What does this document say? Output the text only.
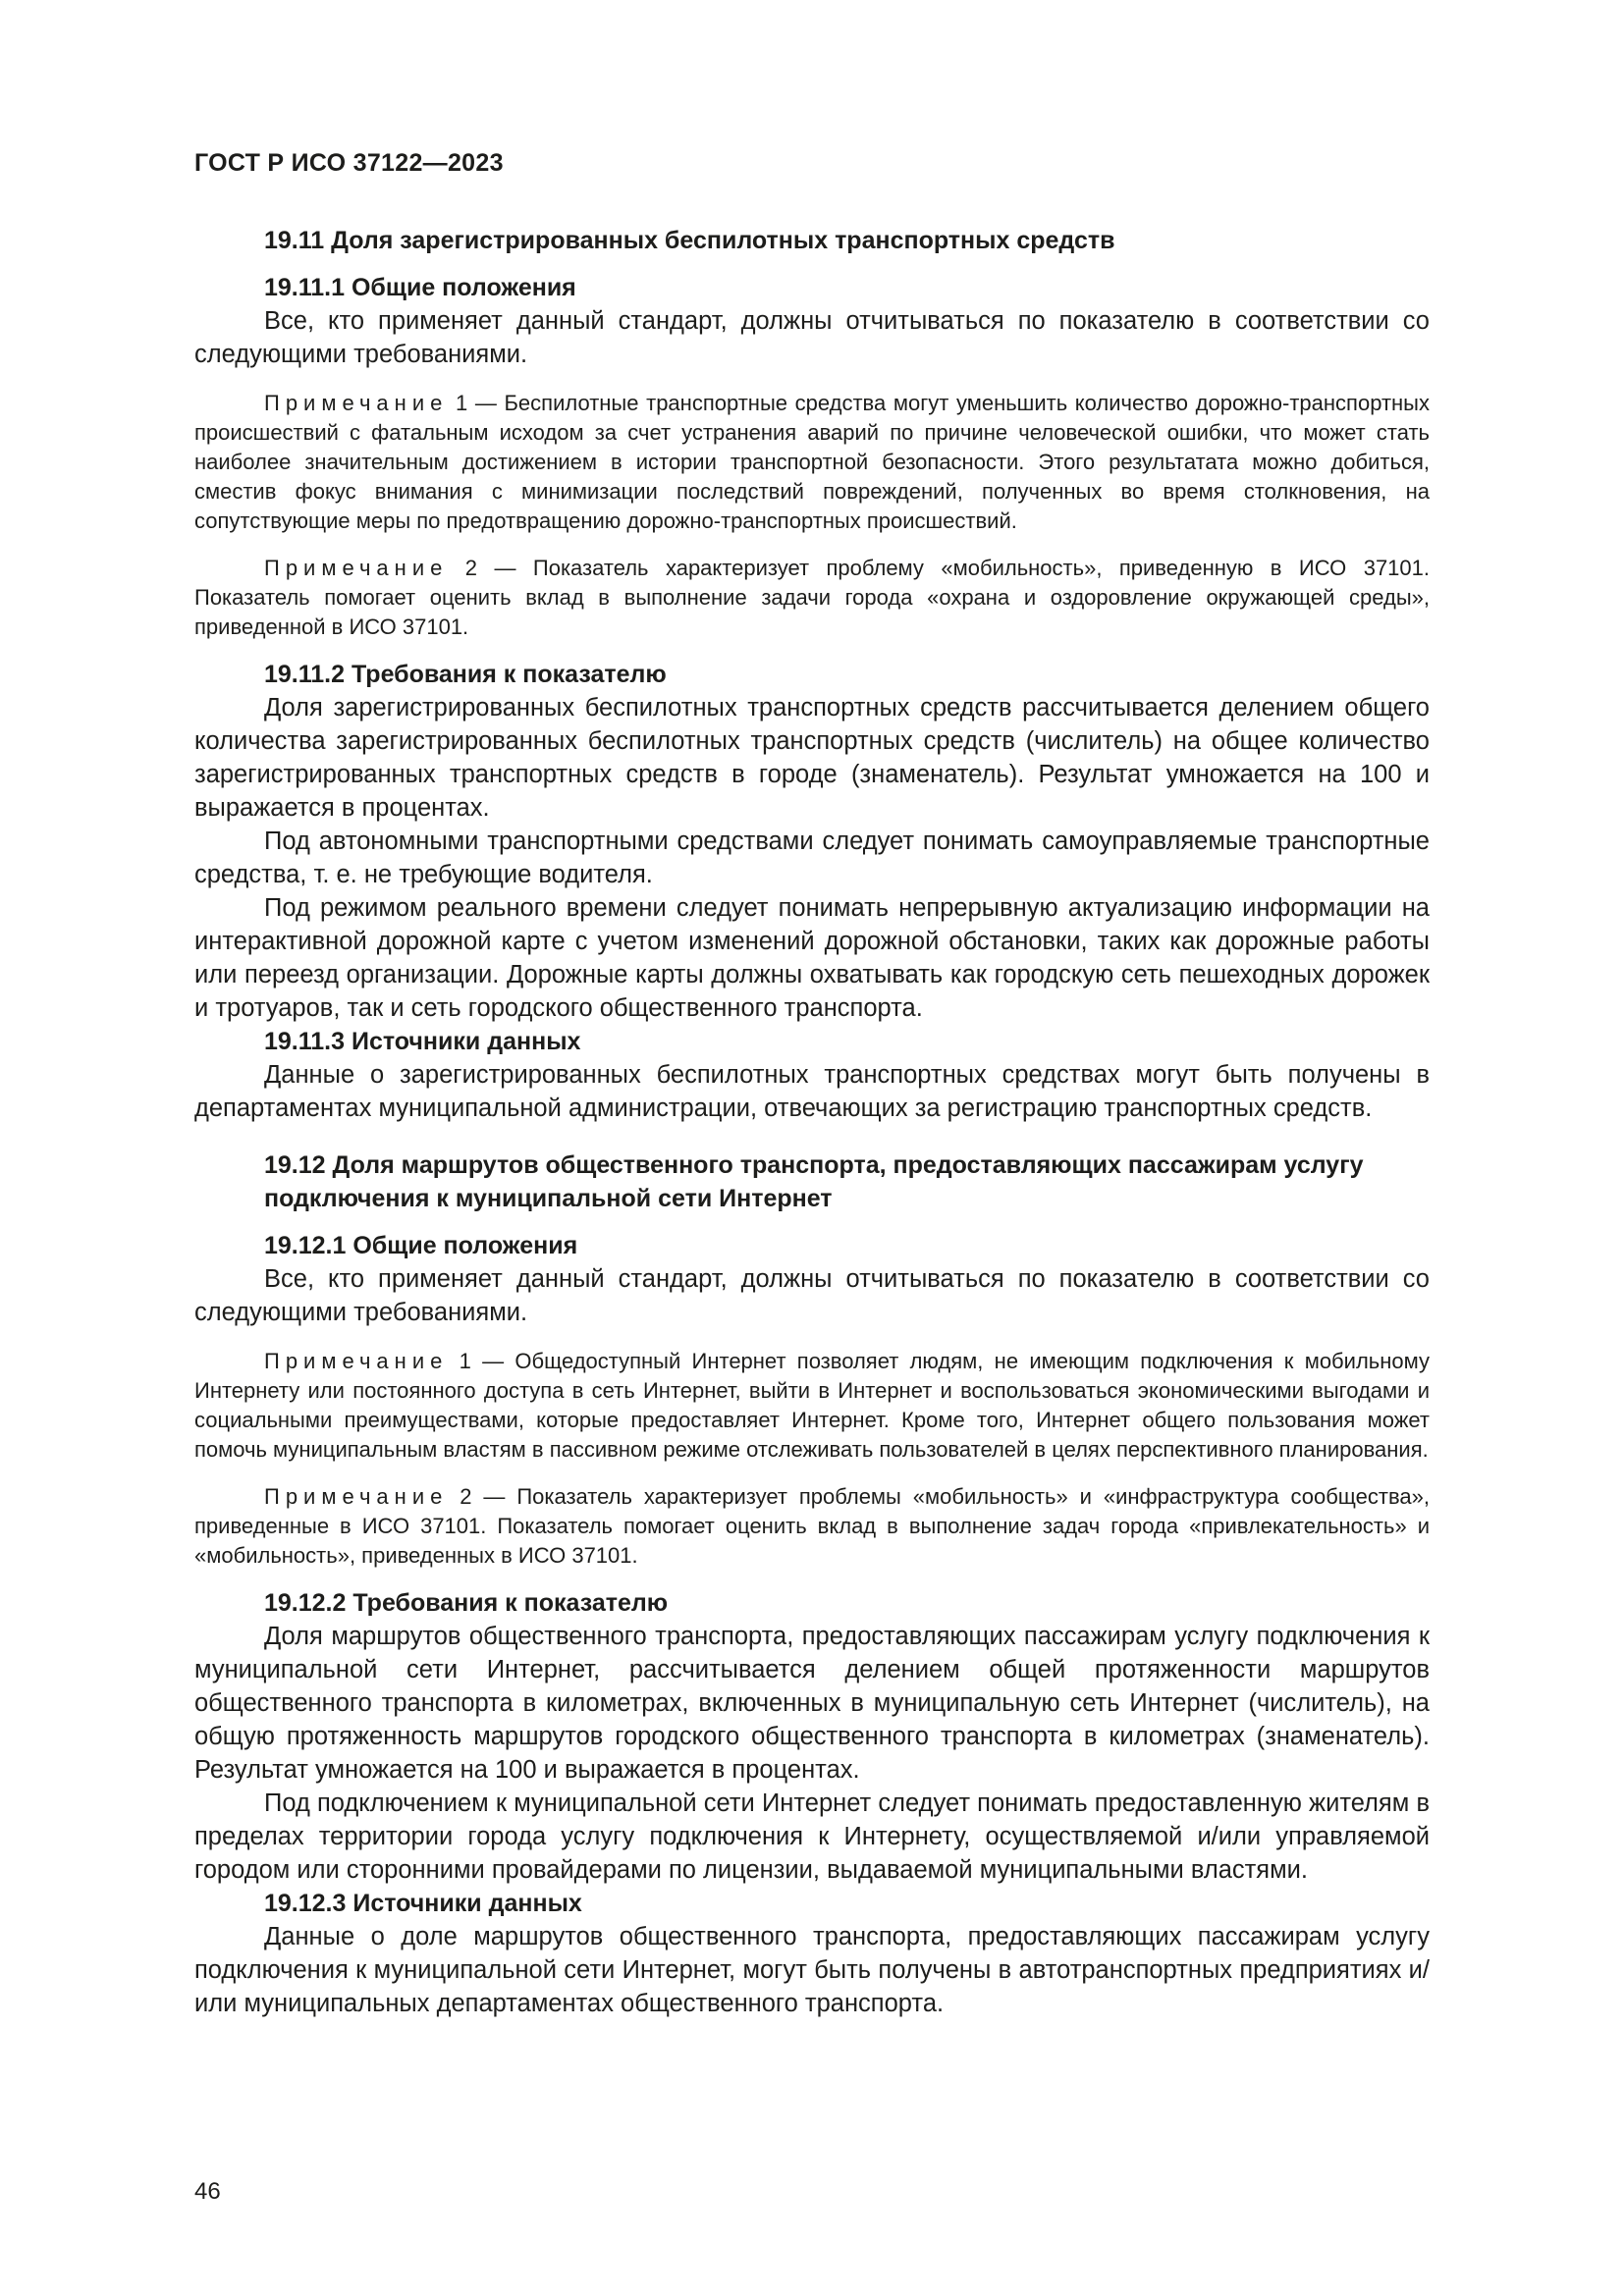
ГОСТ Р ИСО 37122—2023
19.11 Доля зарегистрированных беспилотных транспортных средств
19.11.1 Общие положения

Все, кто применяет данный стандарт, должны отчитываться по показателю в соответствии со следующими требованиями.

Примечание 1 — Беспилотные транспортные средства могут уменьшить количество дорожно-транспортных происшествий с фатальным исходом за счет устранения аварий по причине человеческой ошибки, что может стать наиболее значительным достижением в истории транспортной безопасности. Этого результатата можно добиться, сместив фокус внимания с минимизации последствий повреждений, полученных во время столкновения, на сопутствующие меры по предотвращению дорожно-транспортных происшествий.

Примечание 2 — Показатель характеризует проблему «мобильность», приведенную в ИСО 37101. Показатель помогает оценить вклад в выполнение задачи города «охрана и оздоровление окружающей среды», приведенной в ИСО 37101.

19.11.2 Требования к показателю

Доля зарегистрированных беспилотных транспортных средств рассчитывается делением общего количества зарегистрированных беспилотных транспортных средств (числитель) на общее количество зарегистрированных транспортных средств в городе (знаменатель). Результат умножается на 100 и выражается в процентах.

Под автономными транспортными средствами следует понимать самоуправляемые транспортные средства, т. е. не требующие водителя.

Под режимом реального времени следует понимать непрерывную актуализацию информации на интерактивной дорожной карте с учетом изменений дорожной обстановки, таких как дорожные работы или переезд организации. Дорожные карты должны охватывать как городскую сеть пешеходных дорожек и тротуаров, так и сеть городского общественного транспорта.

19.11.3 Источники данных

Данные о зарегистрированных беспилотных транспортных средствах могут быть получены в департаментах муниципальной администрации, отвечающих за регистрацию транспортных средств.

19.12 Доля маршрутов общественного транспорта, предоставляющих пассажирам услугу подключения к муниципальной сети Интернет
19.12.1 Общие положения

Все, кто применяет данный стандарт, должны отчитываться по показателю в соответствии со следующими требованиями.

Примечание 1 — Общедоступный Интернет позволяет людям, не имеющим подключения к мобильному Интернету или постоянного доступа в сеть Интернет, выйти в Интернет и воспользоваться экономическими выгодами и социальными преимуществами, которые предоставляет Интернет. Кроме того, Интернет общего пользования может помочь муниципальным властям в пассивном режиме отслеживать пользователей в целях перспективного планирования.

Примечание 2 — Показатель характеризует проблемы «мобильность» и «инфраструктура сообщества», приведенные в ИСО 37101. Показатель помогает оценить вклад в выполнение задач города «привлекательность» и «мобильность», приведенных в ИСО 37101.

19.12.2 Требования к показателю

Доля маршрутов общественного транспорта, предоставляющих пассажирам услугу подключения к муниципальной сети Интернет, рассчитывается делением общей протяженности маршрутов общественного транспорта в километрах, включенных в муниципальную сеть Интернет (числитель), на общую протяженность маршрутов городского общественного транспорта в километрах (знаменатель). Результат умножается на 100 и выражается в процентах.

Под подключением к муниципальной сети Интернет следует понимать предоставленную жителям в пределах территории города услугу подключения к Интернету, осуществляемой и/или управляемой городом или сторонними провайдерами по лицензии, выдаваемой муниципальными властями.

19.12.3 Источники данных

Данные о доле маршрутов общественного транспорта, предоставляющих пассажирам услугу подключения к муниципальной сети Интернет, могут быть получены в автотранспортных предприятиях и/или муниципальных департаментах общественного транспорта.

46
